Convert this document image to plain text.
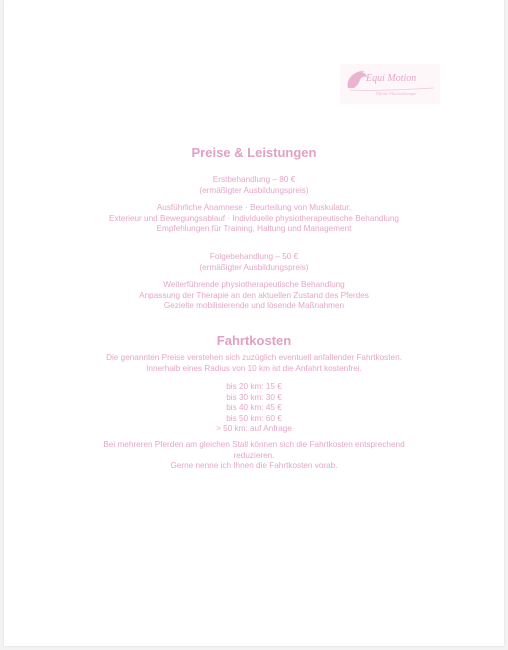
Equi Motion
Pferde Physiotherapie
Preise & Leistungen
Erstbehandlung – 80 €
(ermäßigter Ausbildungspreis)
Ausführliche Anamnese · Beurteilung von Muskulatur,
Exterieur und Bewegungsablauf · Individuelle physiotherapeutische Behandlung
Empfehlungen für Training, Haltung und Management
Folgebehandlung – 50 €
(ermäßigter Ausbildungspreis)
Weiterführende physiotherapeutische Behandlung
Anpassung der Therapie an den aktuellen Zustand des Pferdes
Gezielte mobilisierende und lösende Maßnahmen
Fahrtkosten
Die genannten Preise verstehen sich zuzüglich eventuell anfallender Fahrtkosten.
Innerhalb eines Radius von 10 km ist die Anfahrt kostenfrei.
bis 20 km: 15 €
bis 30 km: 30 €
bis 40 km: 45 €
bis 50 km: 60 €
> 50 km: auf Anfrage
Bei mehreren Pferden am gleichen Stall können sich die Fahrtkosten entsprechend
reduzieren.
Gerne nenne ich Ihnen die Fahrtkosten vorab.
